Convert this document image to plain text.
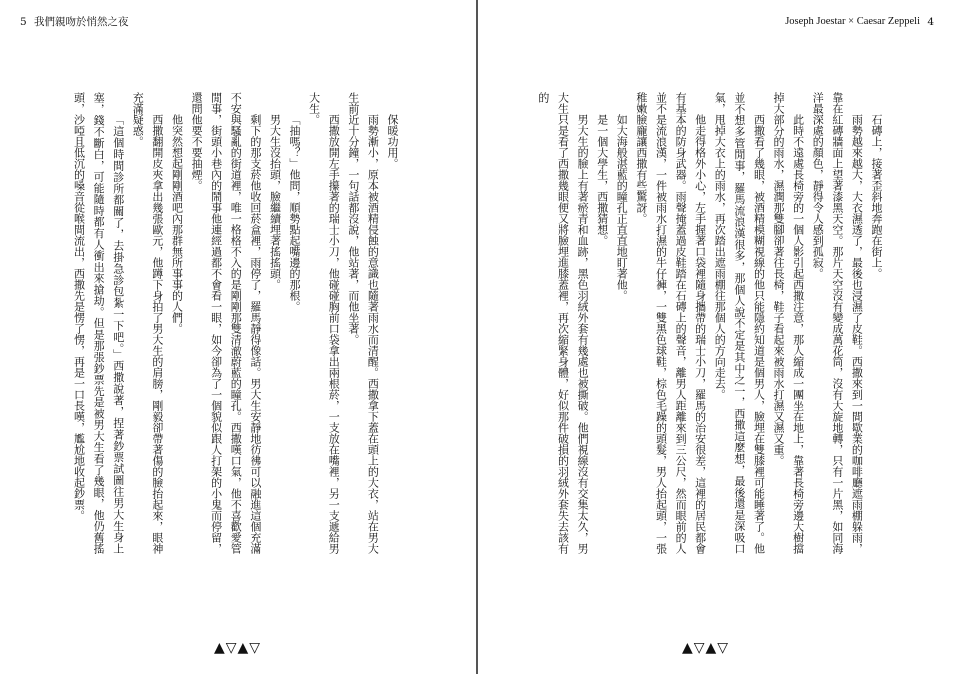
5 我們親吻於悄然之夜
保暖功用。
雨勢漸小，原本被酒精侵蝕的意識也隨著雨水而清醒。西撒拿下蓋在頭上的大衣，站在男大生前近十分鐘，一句話都沒說，他站著，而他坐著。
西撒放開左手攥著的瑞士小刀，他碰碰胸前口袋拿出兩根菸，一支放在嘴裡，另一支遞給男大生。
「抽嗎？」他問，順勢點起嘴邊的那根。
男大生沒抬頭，臉繼續埋著搖搖頭。
剩下的那支菸他收回菸盒裡，雨停了，羅馬靜得像話。男大生安靜地彷彿可以融進這個充滿不安與騷亂的街道裡，唯一格格不入的是剛剛那雙清澈蔚藍的瞳孔。西撒嘆口氣，他不喜歡愛管閒事，街頭小巷內的鬧事他連經過都不會看一眼，如今卻為了一個貌似跟人打架的小鬼而停留，還問他要不要抽煙。
他突然想起剛剛酒吧內那群無所事事的人們。
西撒翻開皮夾拿出幾張歐元，他蹲下身拍了男大生的肩膀，剛毅卻帶著傷的臉抬起來，眼神充滿疑惑。
「這個時間診所都關了，去掛急診包紮一下吧。」西撒說著，捏著鈔票試圖往男大生身上塞，錢不斷白，可能隨時都有人衝出來搶劫。但是那張鈔票先是被男大生看了幾眼，他仍舊搖頭，沙啞且低沉的嗓音從喉間流出，西撒先是愣了愣，再是一口長嘆，尷尬地收起鈔票。
▲▽▲▽
Joseph Joestar × Caesar Zeppeli 4
石磚上，接著歪斜地奔跑在街上。
雨勢越來越大，大衣濕透了，最後也浸濕了皮鞋。西撒來到一間歇業的咖啡廳遮雨棚躲雨，靠在紅磚牆面上望著漆黑天空。那片天空沒有變成萬花筒，沒有大旋地轉，只有一片黑，如同海洋最深處的顏色，靜得令人感到孤寂。
此時不遠處長椅旁的一個人影引起西撒注意，那人縮成一團坐在地上，靠著長椅旁邊大樹擋掉大部分的雨水，濕潤那雙腳卻著往長椅，鞋子看起來被雨水打濕又濕又重。
西撒看了幾眼，被酒精模糊視線的他只能隱約知道是個男人，臉埋在雙膝裡可能睡著了。他並不想多管閒事，羅馬流浪漢很多，那個人說不定是其中之一，西撒這麼想，最後還是深吸口氣，甩掉大衣上的雨水，再次踏出遮雨棚往那個人的方向走去。
他走得格外小心，左手握著口袋裡隨身攜帶的瑞士小刀，羅馬的治安很差，這裡的居民都會有基本的防身武器。雨聲掩蓋過皮鞋踏在石磚上的聲音，離男人距離來到三公尺，然而眼前的人並不是流浪漢，一件被雨水打濕的牛仔褲，一雙黑色球鞋，棕色毛躁的頭髮，男人抬起頭，一張稚嫩臉龐讓西撒有些驚訝。
如大海般湛藍的瞳孔正直直地盯著他。
是一個大學生，西撒猜想。
男大生的臉上有著瘀青和血跡，黑色羽絨外套有幾處也被撕破。他們視線沒有交集太久，男大生只是看了西撒幾眼便又將臉埋進膝蓋裡，再次縮緊身體，好似那件破損的羽絨外套失去該有的
▲▽▲▽
